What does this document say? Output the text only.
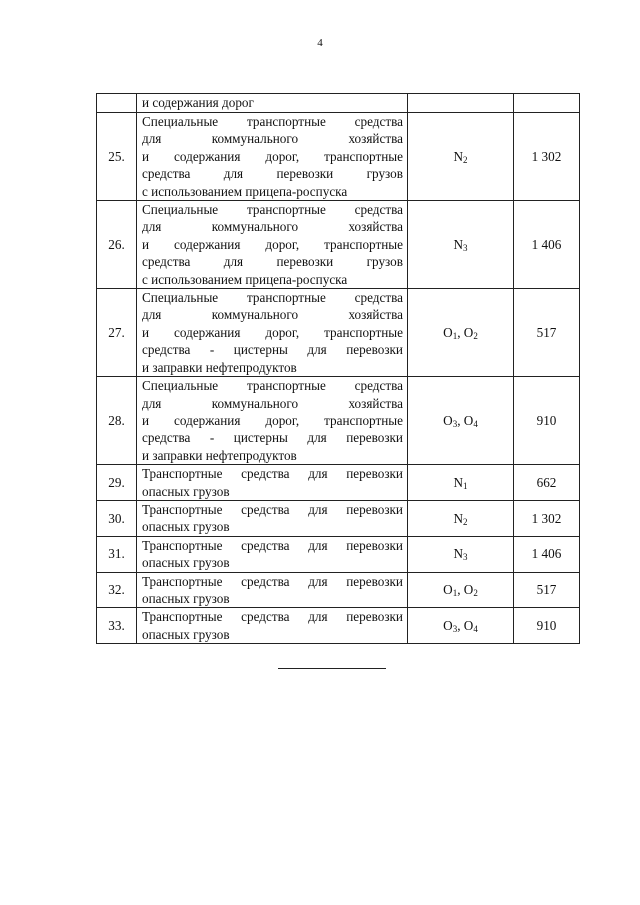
4

	и содержания дорог		

25.	Специальные транспортные средства
для коммунального хозяйства
и содержания дорог, транспортные
средства для перевозки грузов
с использованием прицепа-роспуска	$N_2$	1 302
26.	Специальные транспортные средства
для коммунального хозяйства
и содержания дорог, транспортные
средства для перевозки грузов
с использованием прицепа-роспуска	$N_3$	1 406
27.	Специальные транспортные средства
для коммунального хозяйства
и содержания дорог, транспортные
средства - цистерны для перевозки
и заправки нефтепродуктов	$O_1$, $O_2$	517
28.	Специальные транспортные средства
для коммунального хозяйства
и содержания дорог, транспортные
средства - цистерны для перевозки
и заправки нефтепродуктов	$O_3$, $O_4$	910
29.	Транспортные средства для перевозки
опасных грузов	$N_1$	662
30.	Транспортные средства для перевозки
опасных грузов	$N_2$	1 302
31.	Транспортные средства для перевозки
опасных грузов	$N_3$	1 406
32.	Транспортные средства для перевозки
опасных грузов	$O_1$, $O_2$	517
33.	Транспортные средства для перевозки
опасных грузов	$O_3$, $O_4$	910
